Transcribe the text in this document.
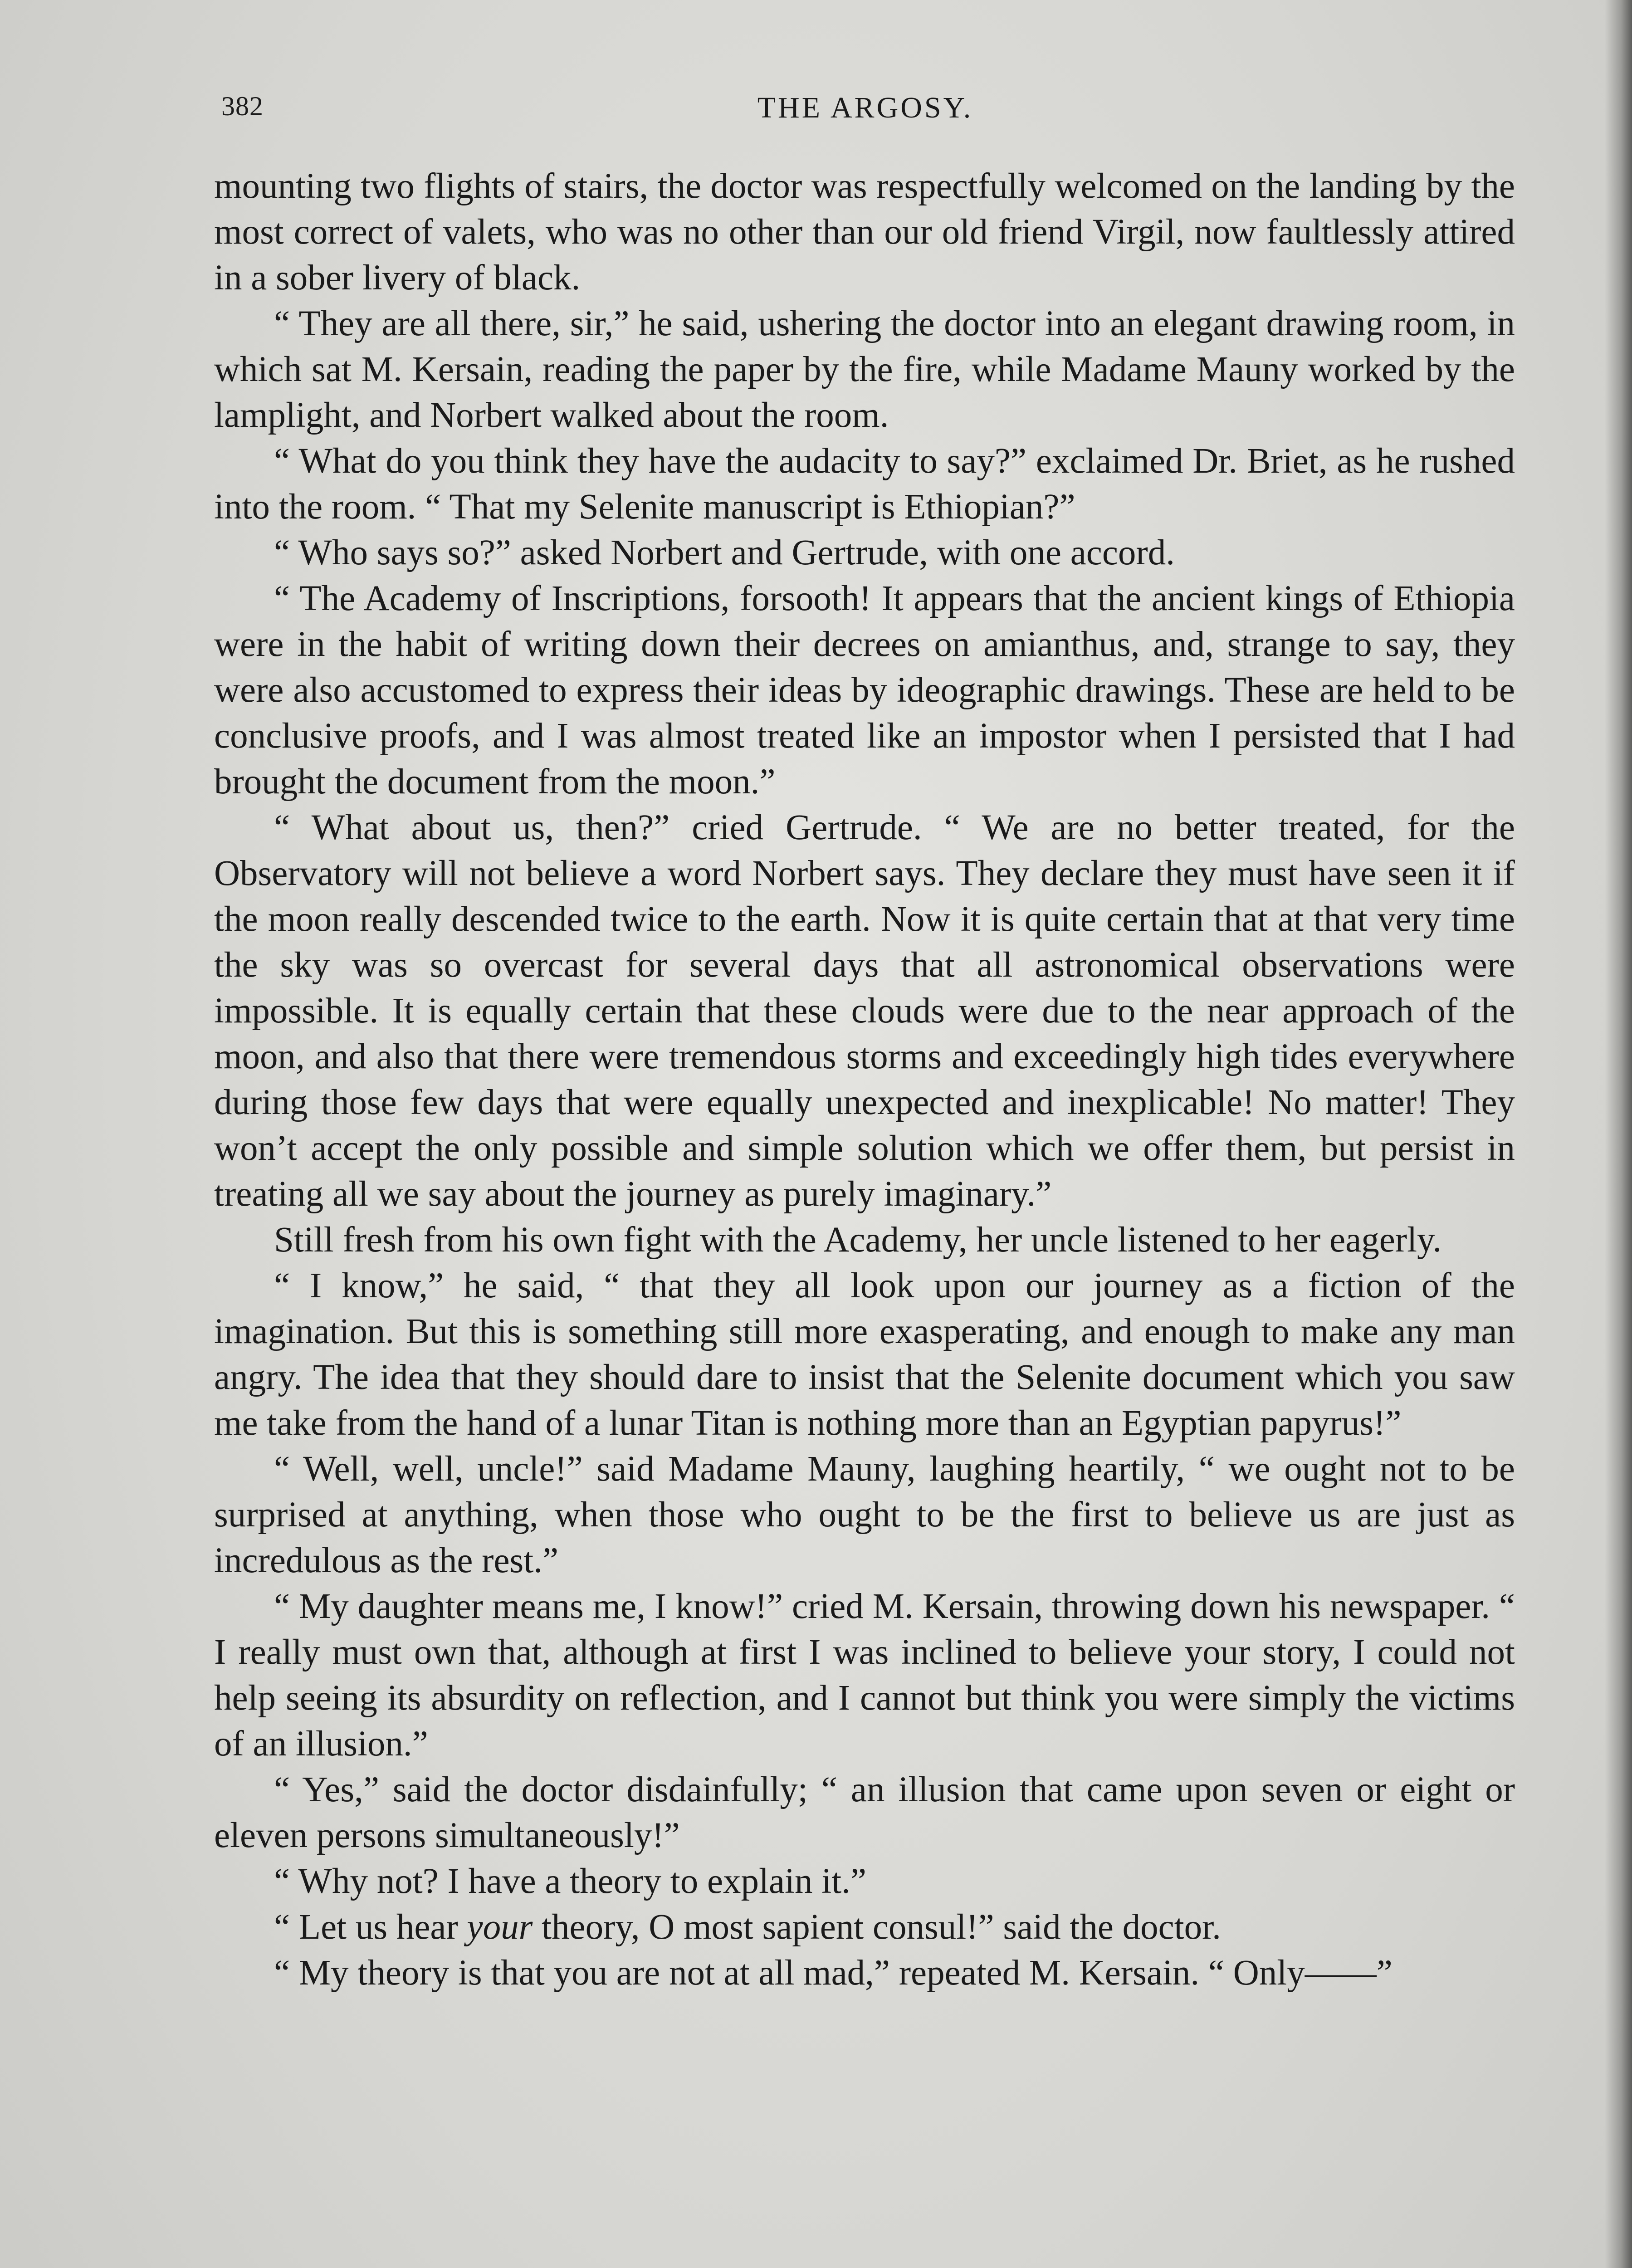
382	THE ARGOSY.

mounting two flights of stairs, the doctor was respectfully welcomed on the landing by the most correct of valets, who was no other than our old friend Virgil, now faultlessly attired in a sober livery of black.

“ They are all there, sir,” he said, ushering the doctor into an elegant drawing room, in which sat M. Kersain, reading the paper by the fire, while Madame Mauny worked by the lamplight, and Norbert walked about the room.

“ What do you think they have the audacity to say?” exclaimed Dr. Briet, as he rushed into the room. “ That my Selenite manuscript is Ethiopian?”

“ Who says so?” asked Norbert and Gertrude, with one accord.

“ The Academy of Inscriptions, forsooth! It appears that the ancient kings of Ethiopia were in the habit of writing down their decrees on amianthus, and, strange to say, they were also accustomed to express their ideas by ideographic drawings. These are held to be conclusive proofs, and I was almost treated like an impostor when I persisted that I had brought the document from the moon.”

“ What about us, then?” cried Gertrude. “ We are no better treated, for the Observatory will not believe a word Norbert says. They declare they must have seen it if the moon really descended twice to the earth. Now it is quite certain that at that very time the sky was so overcast for several days that all astronomical observations were impossible. It is equally certain that these clouds were due to the near approach of the moon, and also that there were tremendous storms and exceedingly high tides everywhere during those few days that were equally unexpected and inexplicable! No matter! They won’t accept the only possible and simple solution which we offer them, but persist in treating all we say about the journey as purely imaginary.”

Still fresh from his own fight with the Academy, her uncle listened to her eagerly.

“ I know,” he said, “ that they all look upon our journey as a fiction of the imagination. But this is something still more exasperating, and enough to make any man angry. The idea that they should dare to insist that the Selenite document which you saw me take from the hand of a lunar Titan is nothing more than an Egyptian papyrus!”

“ Well, well, uncle!” said Madame Mauny, laughing heartily, “ we ought not to be surprised at anything, when those who ought to be the first to believe us are just as incredulous as the rest.”

“ My daughter means me, I know!” cried M. Kersain, throwing down his newspaper. “ I really must own that, although at first I was inclined to believe your story, I could not help seeing its absurdity on reflection, and I cannot but think you were simply the victims of an illusion.”

“ Yes,” said the doctor disdainfully; “ an illusion that came upon seven or eight or eleven persons simultaneously!”

“ Why not? I have a theory to explain it.”

“ Let us hear your theory, O most sapient consul!” said the doctor.

“ My theory is that you are not at all mad,” repeated M. Kersain. “ Only——”
